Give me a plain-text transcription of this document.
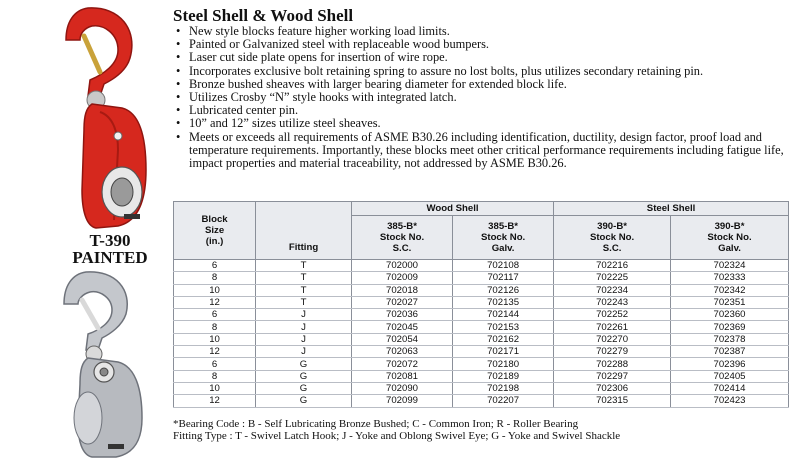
T-390
PAINTED
Steel Shell & Wood Shell
• New style blocks feature higher working load limits.
• Painted or Galvanized steel with replaceable wood bumpers.
• Laser cut side plate opens for insertion of wire rope.
• Incorporates exclusive bolt retaining spring to assure no lost bolts, plus utilizes secondary retaining pin.
• Bronze bushed sheaves with larger bearing diameter for extended block life.
• Utilizes Crosby “N” style hooks with integrated latch.
• Lubricated center pin.
• 10” and 12” sizes utilize steel sheaves.
• Meets or exceeds all requirements of ASME B30.26 including identification, ductility, design factor, proof load and temperature requirements. Importantly, these blocks meet other critical performance requirements including fatigue life, impact properties and material traceability, not addressed by ASME B30.26.
Block
Size
(in.)	Fitting	Wood Shell		Steel Shell	
		385-B*
Stock No.
S.C.	385-B*
Stock No.
Galv.	390-B*
Stock No.
S.C.	390-B*
Stock No.
Galv.
6	T	702000	702108	702216	702324
8	T	702009	702117	702225	702333
10	T	702018	702126	702234	702342
12	T	702027	702135	702243	702351
6	J	702036	702144	702252	702360
8	J	702045	702153	702261	702369
10	J	702054	702162	702270	702378
12	J	702063	702171	702279	702387
6	G	702072	702180	702288	702396
8	G	702081	702189	702297	702405
10	G	702090	702198	702306	702414
12	G	702099	702207	702315	702423
*Bearing Code : B - Self Lubricating Bronze Bushed; C - Common Iron; R - Roller Bearing
Fitting Type : T - Swivel Latch Hook; J - Yoke and Oblong Swivel Eye; G - Yoke and Swivel Shackle
